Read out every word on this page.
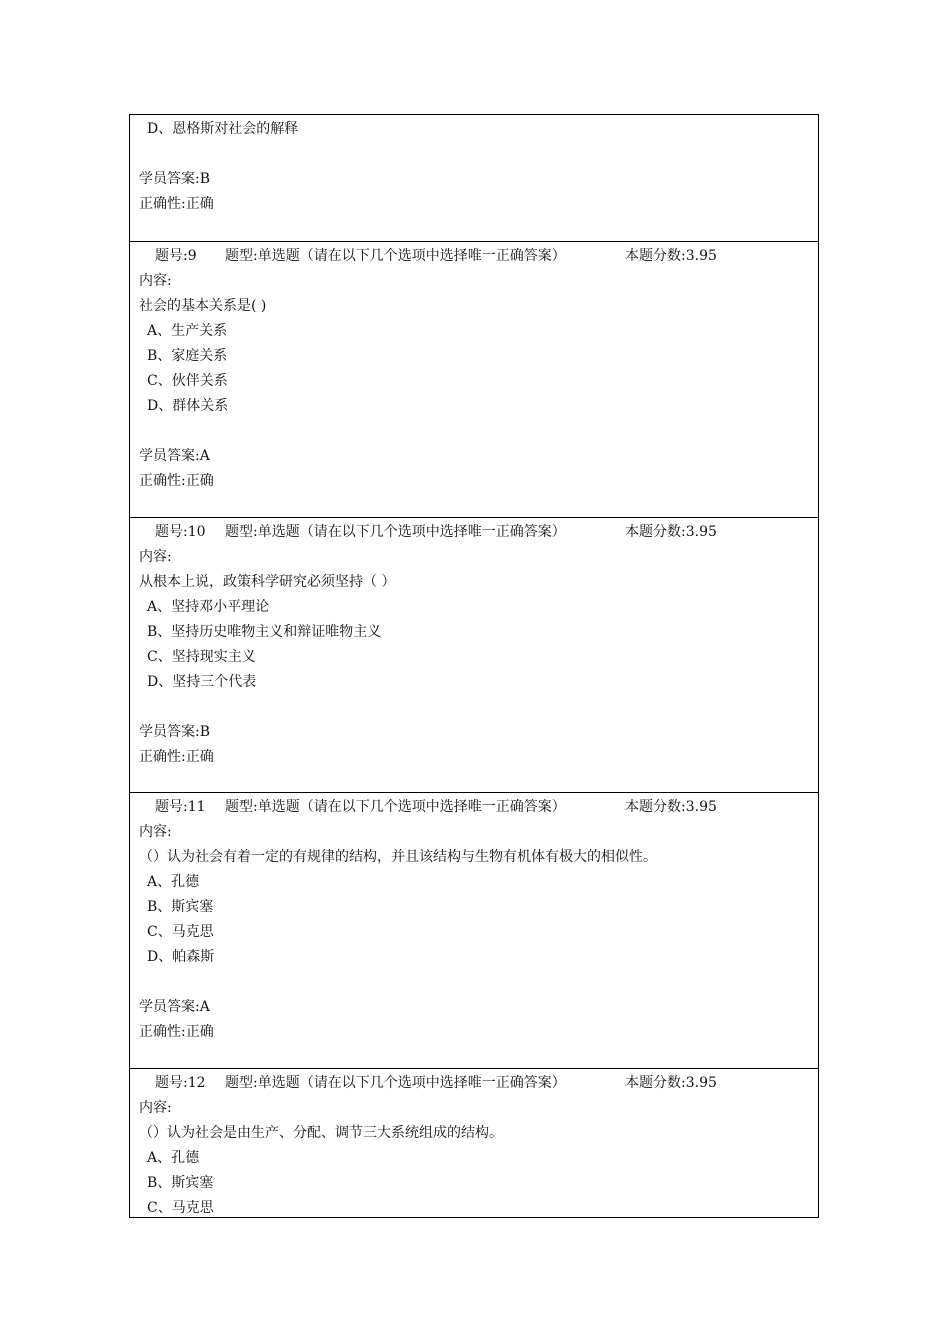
D、恩格斯对社会的解释
学员答案:B
正确性:正确
题号:9 题型:单选题（请在以下几个选项中选择唯一正确答案）	本题分数:3.95
内容:
社会的基本关系是( )
A、生产关系
B、家庭关系
C、伙伴关系
D、群体关系
学员答案:A
正确性:正确
题号:10 题型:单选题（请在以下几个选项中选择唯一正确答案）	本题分数:3.95
内容:
从根本上说，政策科学研究必须坚持（ ）
A、坚持邓小平理论
B、坚持历史唯物主义和辩证唯物主义
C、坚持现实主义
D、坚持三个代表
学员答案:B
正确性:正确
题号:11 题型:单选题（请在以下几个选项中选择唯一正确答案）	本题分数:3.95
内容:
（）认为社会有着一定的有规律的结构，并且该结构与生物有机体有极大的相似性。
A、孔德
B、斯宾塞
C、马克思
D、帕森斯
学员答案:A
正确性:正确
题号:12 题型:单选题（请在以下几个选项中选择唯一正确答案）	本题分数:3.95
内容:
（）认为社会是由生产、分配、调节三大系统组成的结构。
A、孔德
B、斯宾塞
C、马克思
